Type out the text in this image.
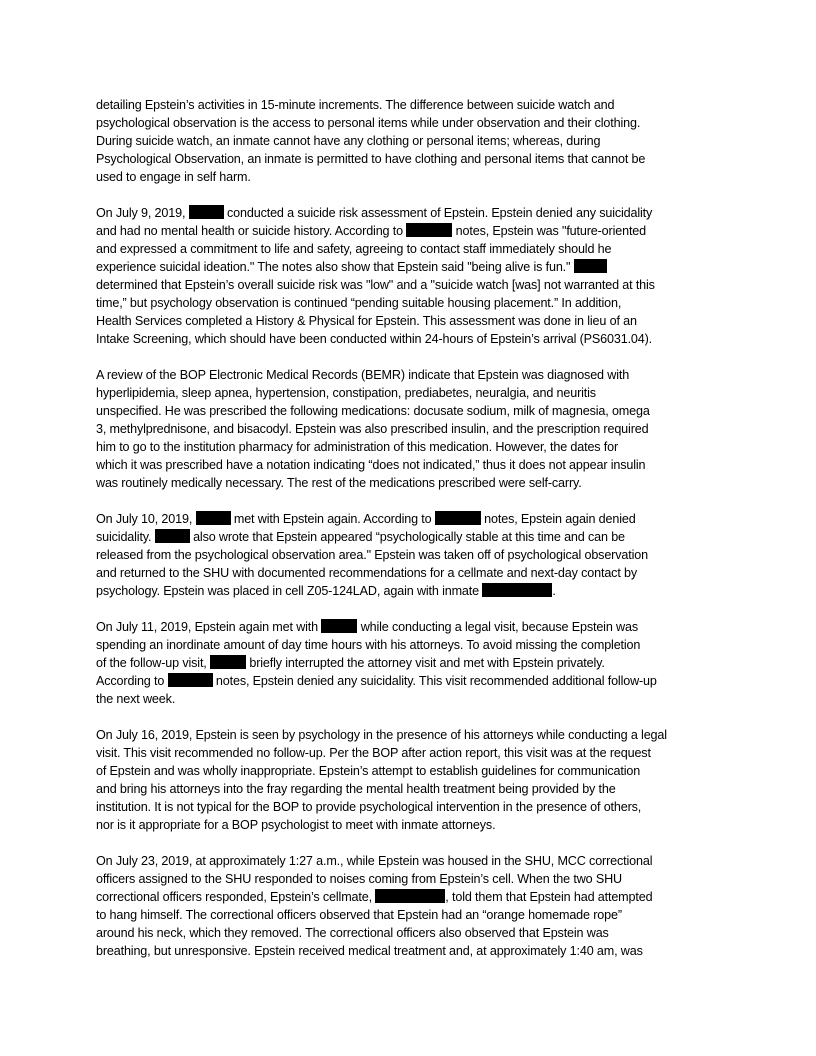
detailing Epstein’s activities in 15-minute increments. The difference between suicide watch and
psychological observation is the access to personal items while under observation and their clothing.
During suicide watch, an inmate cannot have any clothing or personal items; whereas, during
Psychological Observation, an inmate is permitted to have clothing and personal items that cannot be
used to engage in self harm.

On July 9, 2019,	conducted a suicide risk assessment of Epstein. Epstein denied any suicidality
and had no mental health or suicide history. According to	notes, Epstein was "future-oriented
and expressed a commitment to life and safety, agreeing to contact staff immediately should he
experience suicidal ideation." The notes also show that Epstein said "being alive is fun."
determined that Epstein’s overall suicide risk was "low" and a "suicide watch [was] not warranted at this
time,” but psychology observation is continued “pending suitable housing placement.” In addition,
Health Services completed a History & Physical for Epstein. This assessment was done in lieu of an
Intake Screening, which should have been conducted within 24-hours of Epstein’s arrival (PS6031.04).

A review of the BOP Electronic Medical Records (BEMR) indicate that Epstein was diagnosed with
hyperlipidemia, sleep apnea, hypertension, constipation, prediabetes, neuralgia, and neuritis
unspecified. He was prescribed the following medications: docusate sodium, milk of magnesia, omega
3, methylprednisone, and bisacodyl. Epstein was also prescribed insulin, and the prescription required
him to go to the institution pharmacy for administration of this medication. However, the dates for
which it was prescribed have a notation indicating “does not indicated,” thus it does not appear insulin
was routinely medically necessary. The rest of the medications prescribed were self-carry.

On July 10, 2019,	met with Epstein again. According to	notes, Epstein again denied
suicidality.	also wrote that Epstein appeared “psychologically stable at this time and can be
released from the psychological observation area." Epstein was taken off of psychological observation
and returned to the SHU with documented recommendations for a cellmate and next-day contact by
psychology. Epstein was placed in cell Z05-124LAD, again with inmate	.

On July 11, 2019, Epstein again met with	while conducting a legal visit, because Epstein was
spending an inordinate amount of day time hours with his attorneys. To avoid missing the completion
of the follow-up visit,	briefly interrupted the attorney visit and met with Epstein privately.
According to	notes, Epstein denied any suicidality. This visit recommended additional follow-up
the next week.

On July 16, 2019, Epstein is seen by psychology in the presence of his attorneys while conducting a legal
visit. This visit recommended no follow-up. Per the BOP after action report, this visit was at the request
of Epstein and was wholly inappropriate. Epstein’s attempt to establish guidelines for communication
and bring his attorneys into the fray regarding the mental health treatment being provided by the
institution. It is not typical for the BOP to provide psychological intervention in the presence of others,
nor is it appropriate for a BOP psychologist to meet with inmate attorneys.

On July 23, 2019, at approximately 1:27 a.m., while Epstein was housed in the SHU, MCC correctional
officers assigned to the SHU responded to noises coming from Epstein’s cell. When the two SHU
correctional officers responded, Epstein’s cellmate,	, told them that Epstein had attempted
to hang himself. The correctional officers observed that Epstein had an “orange homemade rope”
around his neck, which they removed. The correctional officers also observed that Epstein was
breathing, but unresponsive. Epstein received medical treatment and, at approximately 1:40 am, was
